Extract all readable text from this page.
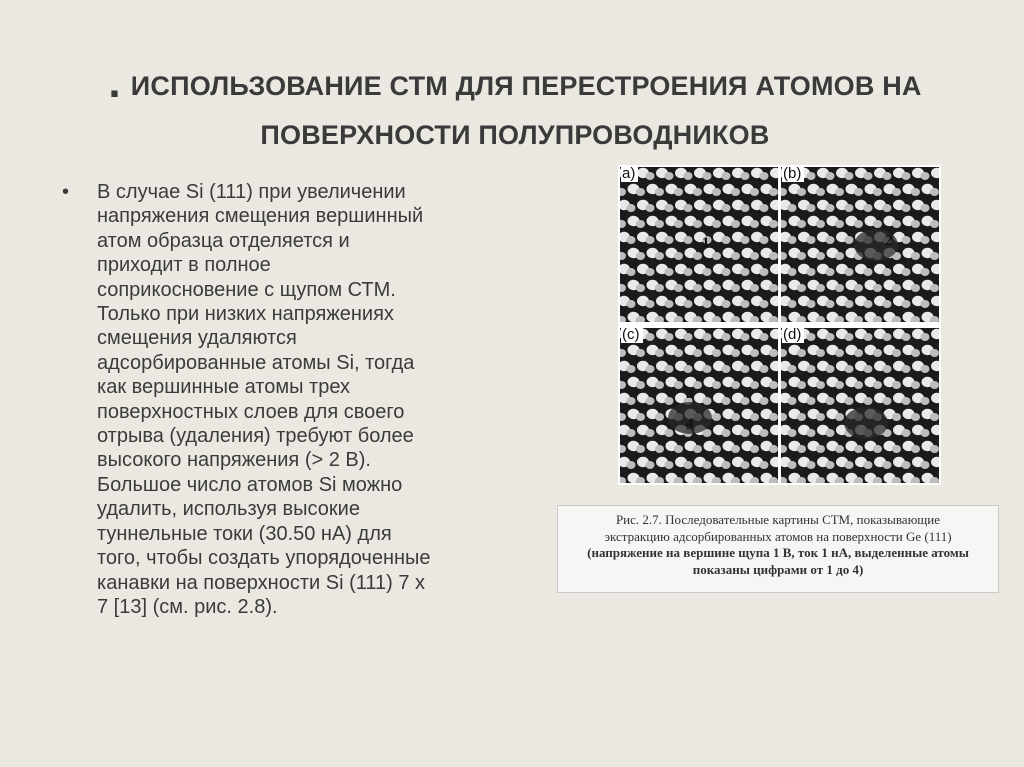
. ИСПОЛЬЗОВАНИЕ СТМ ДЛЯ ПЕРЕСТРОЕНИЯ АТОМОВ НА
ПОВЕРХНОСТИ ПОЛУПРОВОДНИКОВ
• В случае Si (111) при увеличении
напряжения смещения вершинный
атом образца отделяется и
приходит в полное
соприкосновение с щупом СТМ.
Только при низких напряжениях
смещения удаляются
адсорбированные атомы Si, тогда
как вершинные атомы трех
поверхностных слоев для своего
отрыва (удаления) требуют более
высокого напряжения (> 2 В).
Большое число атомов Si можно
удалить, используя высокие
туннельные токи (30.50 нА) для
того, чтобы создать упорядоченные
канавки на поверхности Si (111) 7 х
7 [13] (см. рис. 2.8).
a)
1
(b)
2
(c)
3
4
(d)
Рис. 2.7. Последовательные картины СТМ, показывающие
экстракцию адсорбированных атомов на поверхности Ge (111)
(напряжение на вершине щупа 1 В, ток 1 нА, выделенные атомы
показаны цифрами от 1 до 4)
